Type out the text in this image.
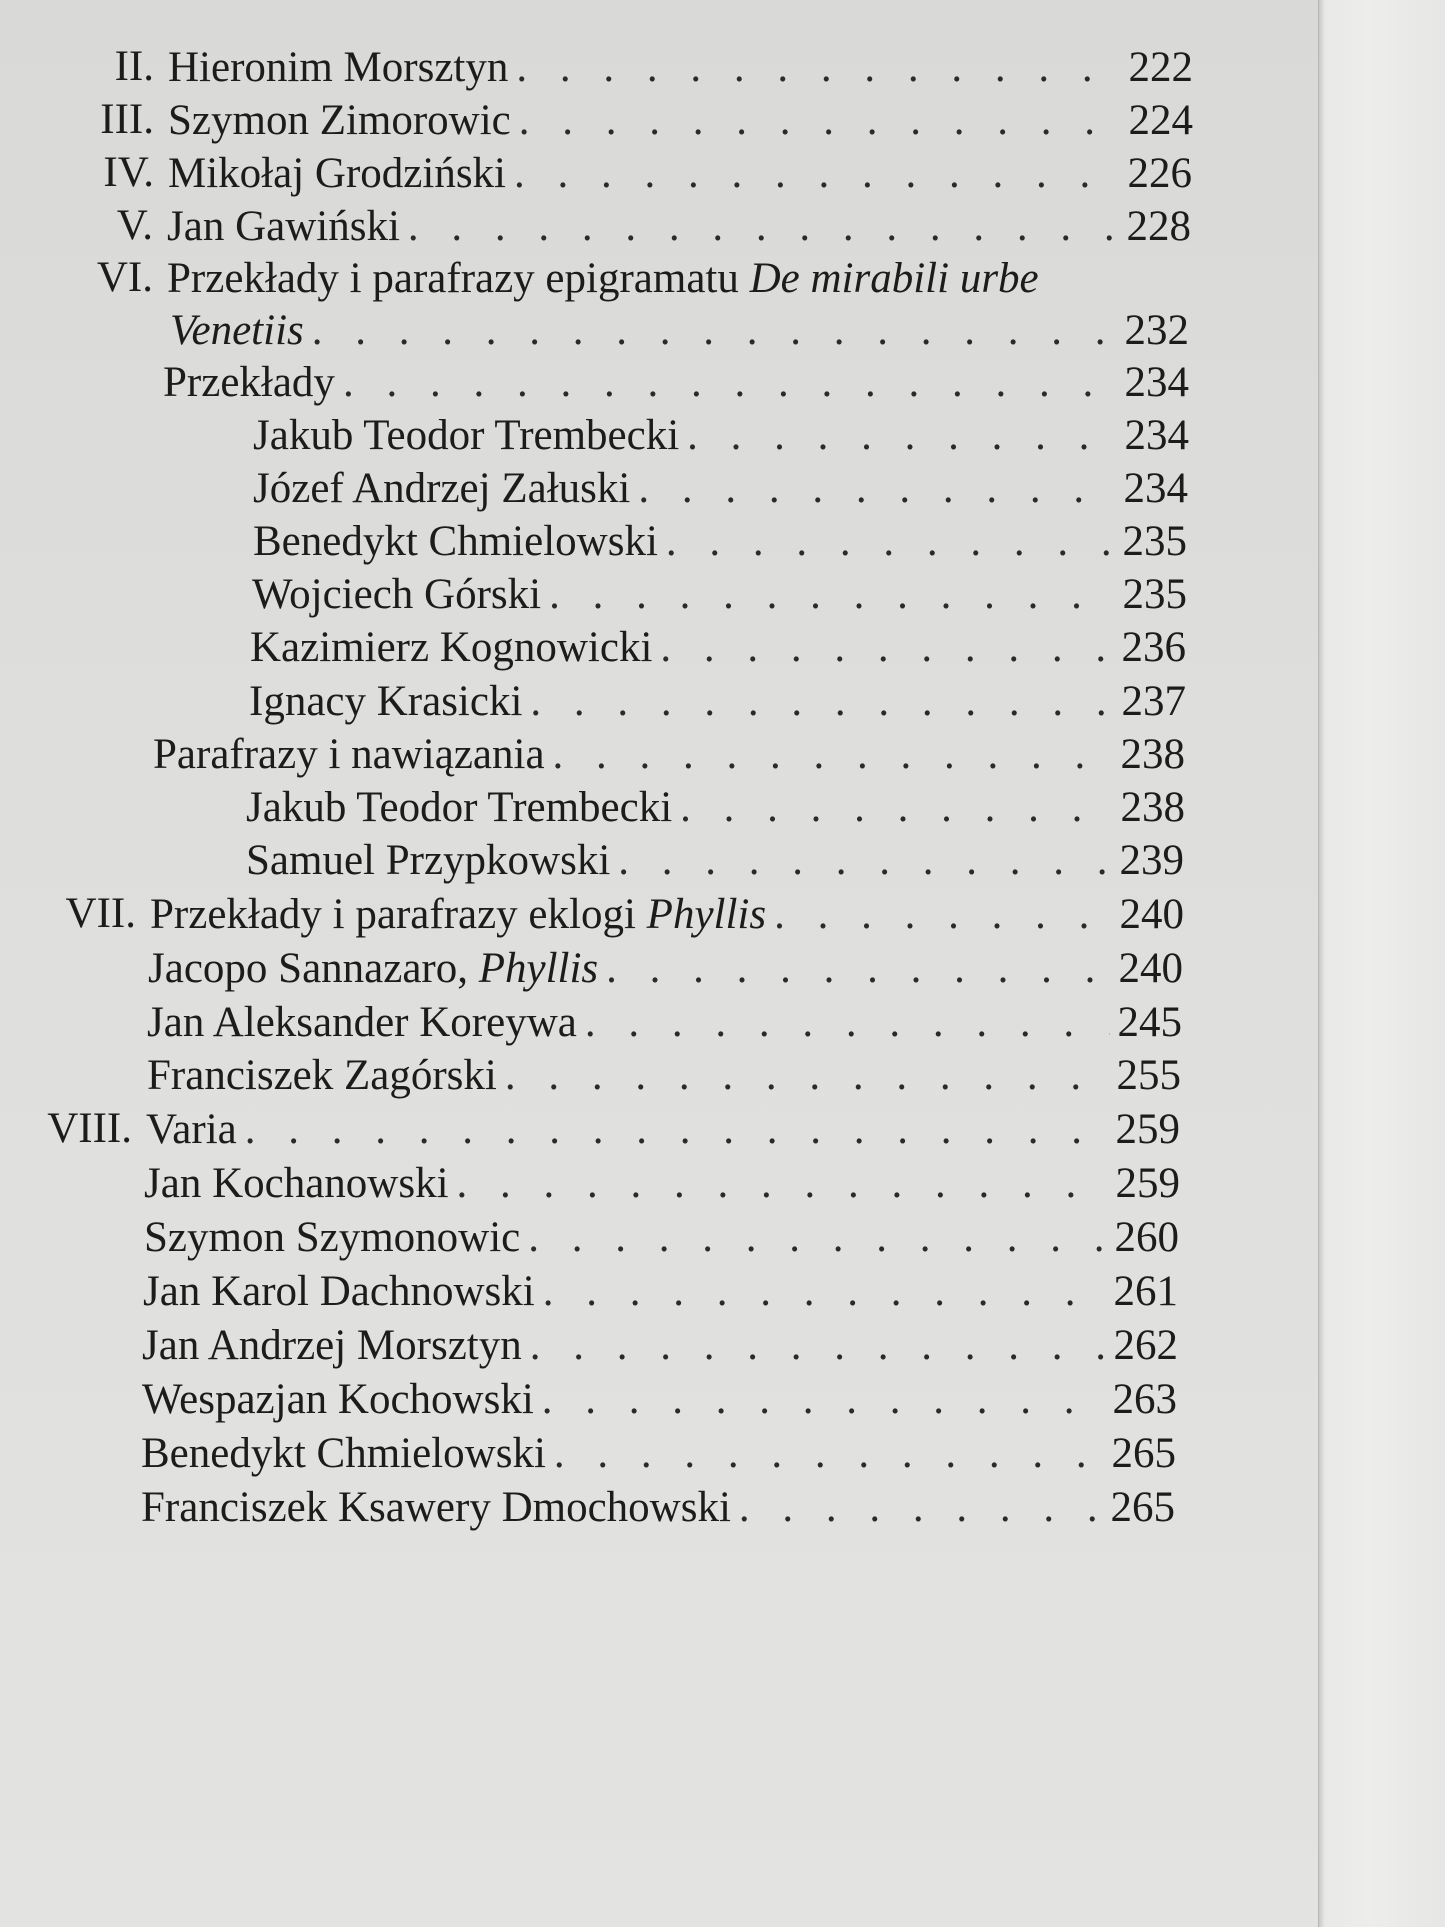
II. Hieronim Morsztyn . . .	222
III. Szymon Zimorowic . . .	224
IV. Mikołaj Grodziński . . .	226
V. Jan Gawiński . . .	228
VI. Przekłady i parafrazy epigramatu De mirabili urbe
Venetiis . . .	232
Przekłady . . .	234
Jakub Teodor Trembecki . . .	234
Józef Andrzej Załuski . . .	234
Benedykt Chmielowski . . .	235
Wojciech Górski . . .	235
Kazimierz Kognowicki . . .	236
Ignacy Krasicki . . .	237
Parafrazy i nawiązania . . .	238
Jakub Teodor Trembecki . . .	238
Samuel Przypkowski . . .	239
VII. Przekłady i parafrazy eklogi Phyllis . . .	240
Jacopo Sannazaro, Phyllis . . .	240
Jan Aleksander Koreywa . . .	245
Franciszek Zagórski . . .	255
VIII. Varia . . .	259
Jan Kochanowski . . .	259
Szymon Szymonowic . . .	260
Jan Karol Dachnowski . . .	261
Jan Andrzej Morsztyn . . .	262
Wespazjan Kochowski . . .	263
Benedykt Chmielowski . . .	265
Franciszek Ksawery Dmochowski . . .	265
